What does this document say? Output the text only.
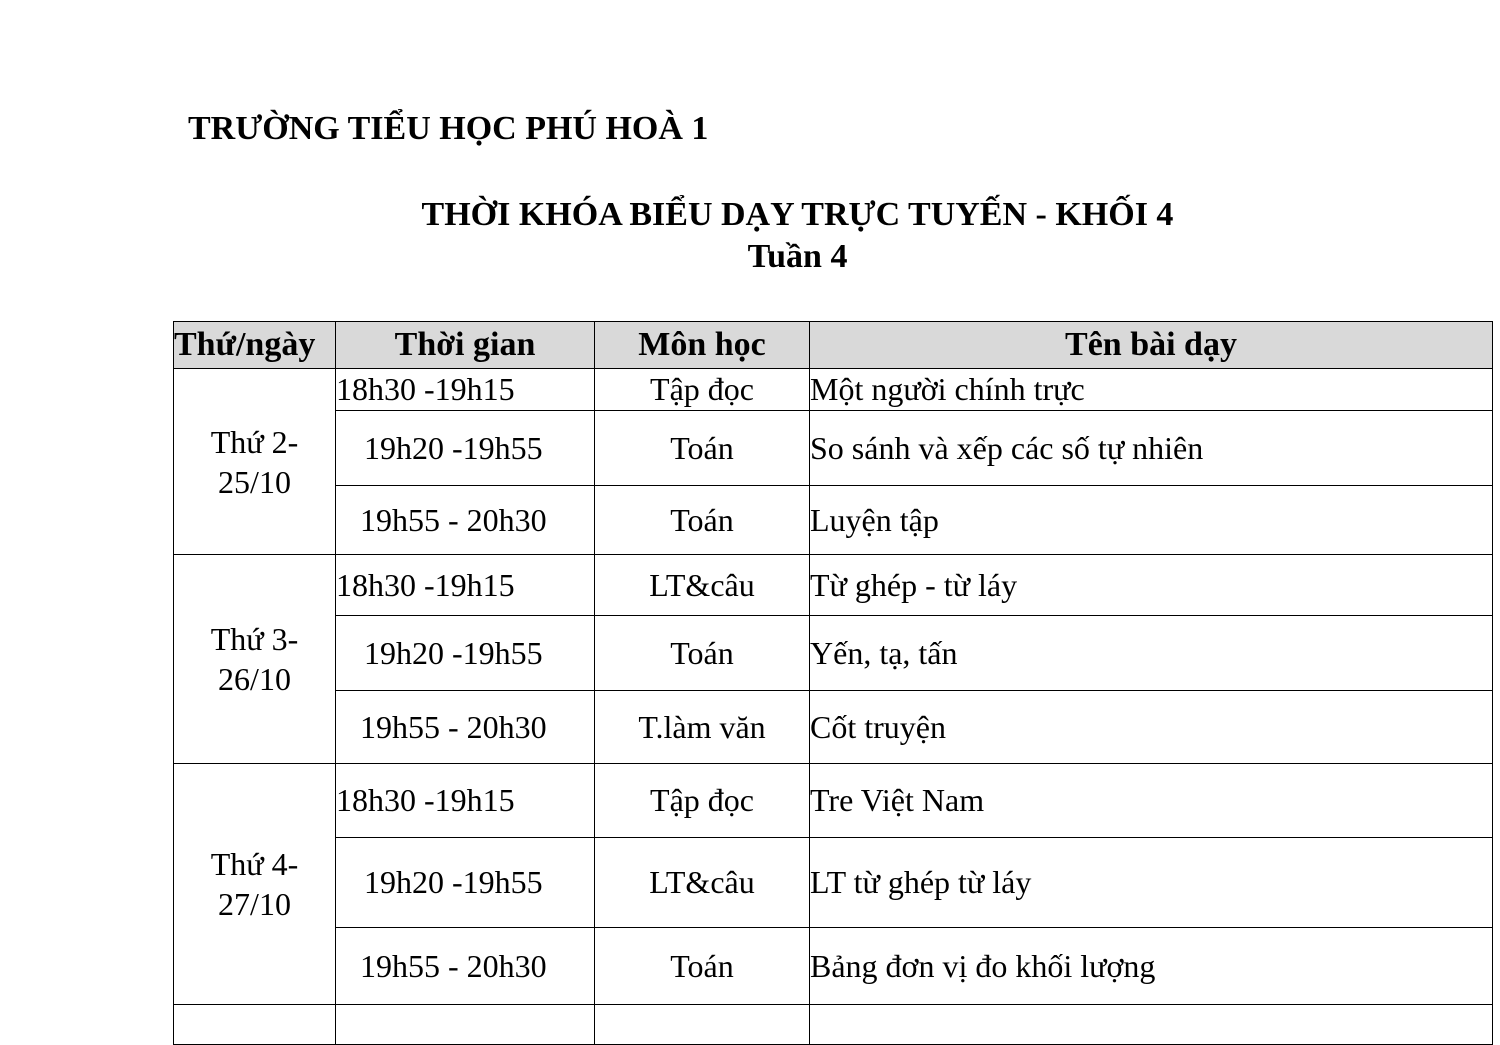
TRƯỜNG TIỂU HỌC PHÚ HOÀ 1
THỜI KHÓA BIỂU DẠY TRỰC TUYẾN - KHỐI 4
Tuần 4
Thứ/ngày	Thời gian	Môn học	Tên bài dạy

Thứ 2-
25/10	18h30 -19h15	Tập đọc	Một người chính trực
	19h20 -19h55	Toán	So sánh và xếp các số tự nhiên
	19h55 - 20h30	Toán	Luyện tập

Thứ 3-
26/10	18h30 -19h15	LT&câu	Từ ghép - từ láy
	19h20 -19h55	Toán	Yến, tạ, tấn
	19h55 - 20h30	T.làm văn	Cốt truyện

Thứ 4-
27/10	18h30 -19h15	Tập đọc	Tre Việt Nam
	19h20 -19h55	LT&câu	LT từ ghép từ láy
	19h55 - 20h30	Toán	Bảng đơn vị đo khối lượng
